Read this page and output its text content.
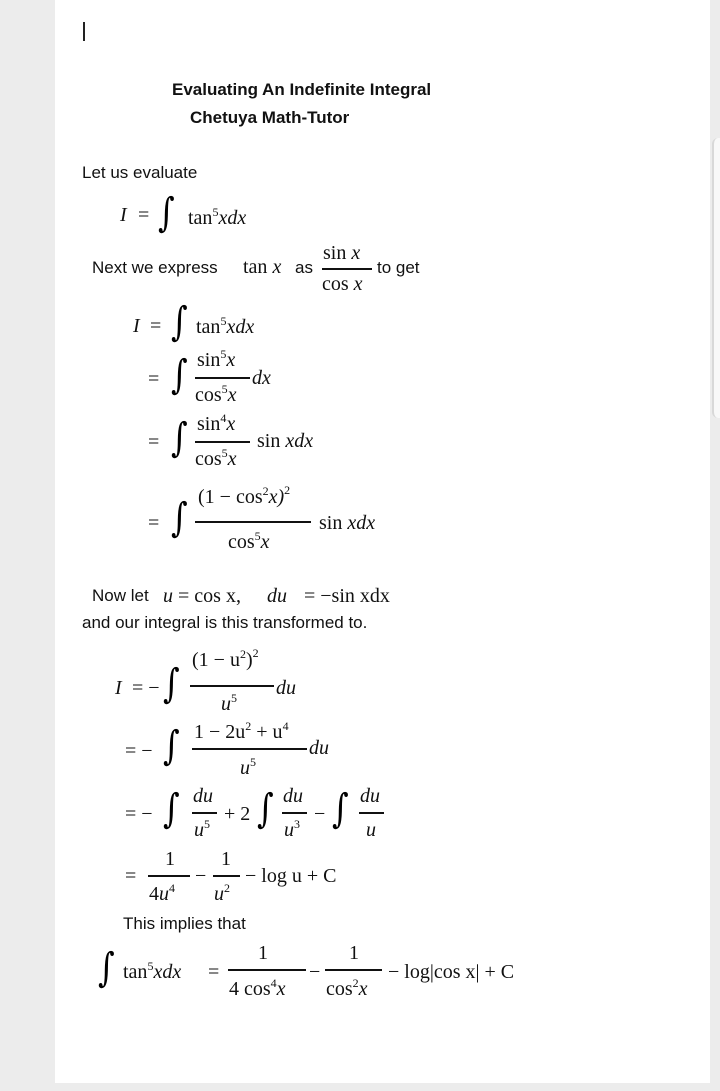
Evaluating An Indefinite Integral
Chetuya Math-Tutor
Let us evaluate
I = ∫ $\tan^5xdx$
Next we express tan x as
sin x
cos x
to get
I = ∫ $\tan^5xdx$
= ∫ $\sin^5x$
$\cos^5x$
dx
= ∫ $\sin^4x$
$\cos^5x$
sin xdx
= ∫ $(1 - \cos^2x)^2$
$\cos^5x$
sin xdx
Now let u = cos x, du = −sin xdx
and our integral is this transformed to.
I = − ∫
$(1 - u^2)^2$
$u^5$ du
= − ∫ $1 - 2u^2 + u^4$
$u^5$
du
= − ∫ du
$u^5 + 2$ ∫ du
$u^3$ − ∫ du
u
=
1
$4u^4$
−
1
$u^2$
− log u + C
This implies that
∫ $\tan^5xdx$ =
1
4 $\cos^4x$
−
1
$\cos^2x$
− log|cos x| + C
